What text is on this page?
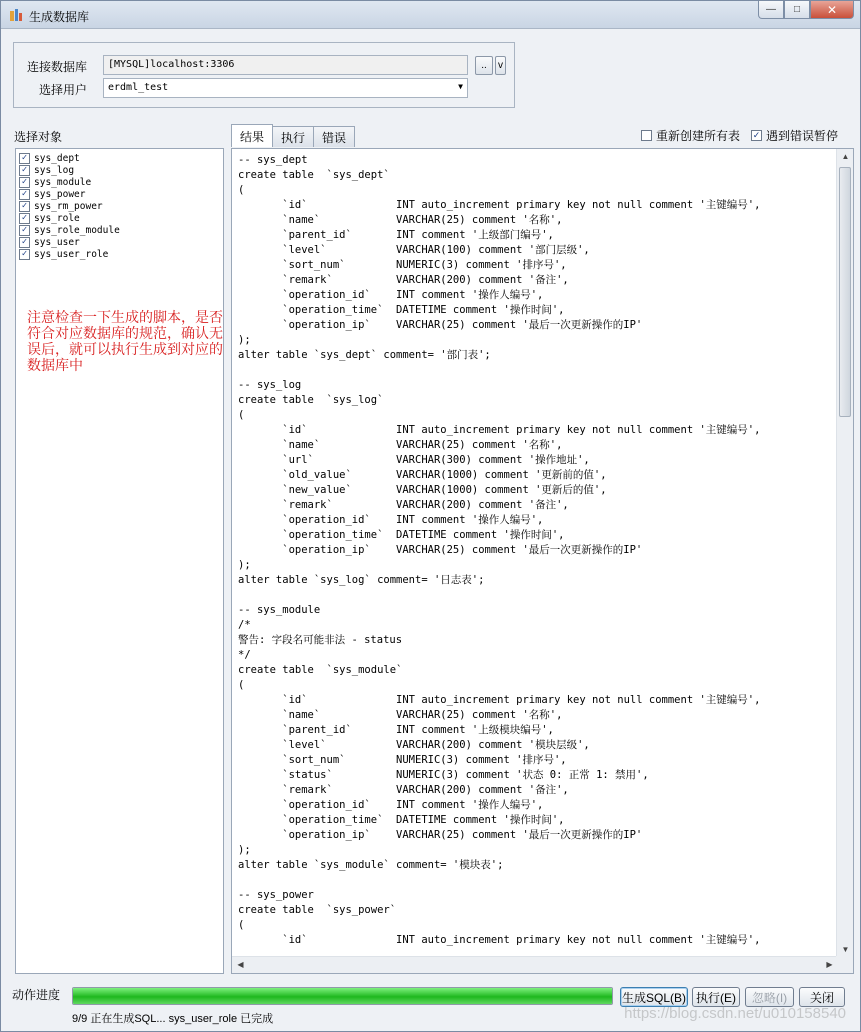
生成数据库
— □ ✕
连接数据库	[MYSQL]localhost:3306	..	v
选择用户	erdml_test	▼
选择对象
✓ sys_dept
✓ sys_log
✓ sys_module
✓ sys_power
✓ sys_rm_power
✓ sys_role
✓ sys_role_module
✓ sys_user
✓ sys_user_role
注意检查一下生成的脚本，是否符合对应数据库的规范，确认无误后，就可以执行生成到对应的数据库中
结果	执行	错误	重新创建所有表 ✓ 遇到错误暂停
-- sys_dept
create table  `sys_dept`
(
`id`              INT auto_increment primary key not null comment '主键编号',
`name`            VARCHAR(25) comment '名称',
`parent_id`       INT comment '上级部门编号',
`level`           VARCHAR(100) comment '部门层级',
`sort_num`        NUMERIC(3) comment '排序号',
`remark`          VARCHAR(200) comment '备注',
`operation_id`    INT comment '操作人编号',
`operation_time`  DATETIME comment '操作时间',
`operation_ip`    VARCHAR(25) comment '最后一次更新操作的IP'
);
alter table `sys_dept` comment= '部门表';

-- sys_log
create table  `sys_log`
(
`id`              INT auto_increment primary key not null comment '主键编号',
`name`            VARCHAR(25) comment '名称',
`url`             VARCHAR(300) comment '操作地址',
`old_value`       VARCHAR(1000) comment '更新前的值',
`new_value`       VARCHAR(1000) comment '更新后的值',
`remark`          VARCHAR(200) comment '备注',
`operation_id`    INT comment '操作人编号',
`operation_time`  DATETIME comment '操作时间',
`operation_ip`    VARCHAR(25) comment '最后一次更新操作的IP'
);
alter table `sys_log` comment= '日志表';

-- sys_module
/*
警告: 字段名可能非法 - status
*/
create table  `sys_module`
(
`id`              INT auto_increment primary key not null comment '主键编号',
`name`            VARCHAR(25) comment '名称',
`parent_id`       INT comment '上级模块编号',
`level`           VARCHAR(200) comment '模块层级',
`sort_num`        NUMERIC(3) comment '排序号',
`status`          NUMERIC(3) comment '状态 0: 正常 1: 禁用',
`remark`          VARCHAR(200) comment '备注',
`operation_id`    INT comment '操作人编号',
`operation_time`  DATETIME comment '操作时间',
`operation_ip`    VARCHAR(25) comment '最后一次更新操作的IP'
);
alter table `sys_module` comment= '模块表';

-- sys_power
create table  `sys_power`
(
`id`              INT auto_increment primary key not null comment '主键编号',
▲
▼
◀	▶
动作进度
9/9 正在生成SQL... sys_user_role 已完成
生成SQL(B) 执行(E)	忽略(I)	关闭
https://blog.csdn.net/u010158540
